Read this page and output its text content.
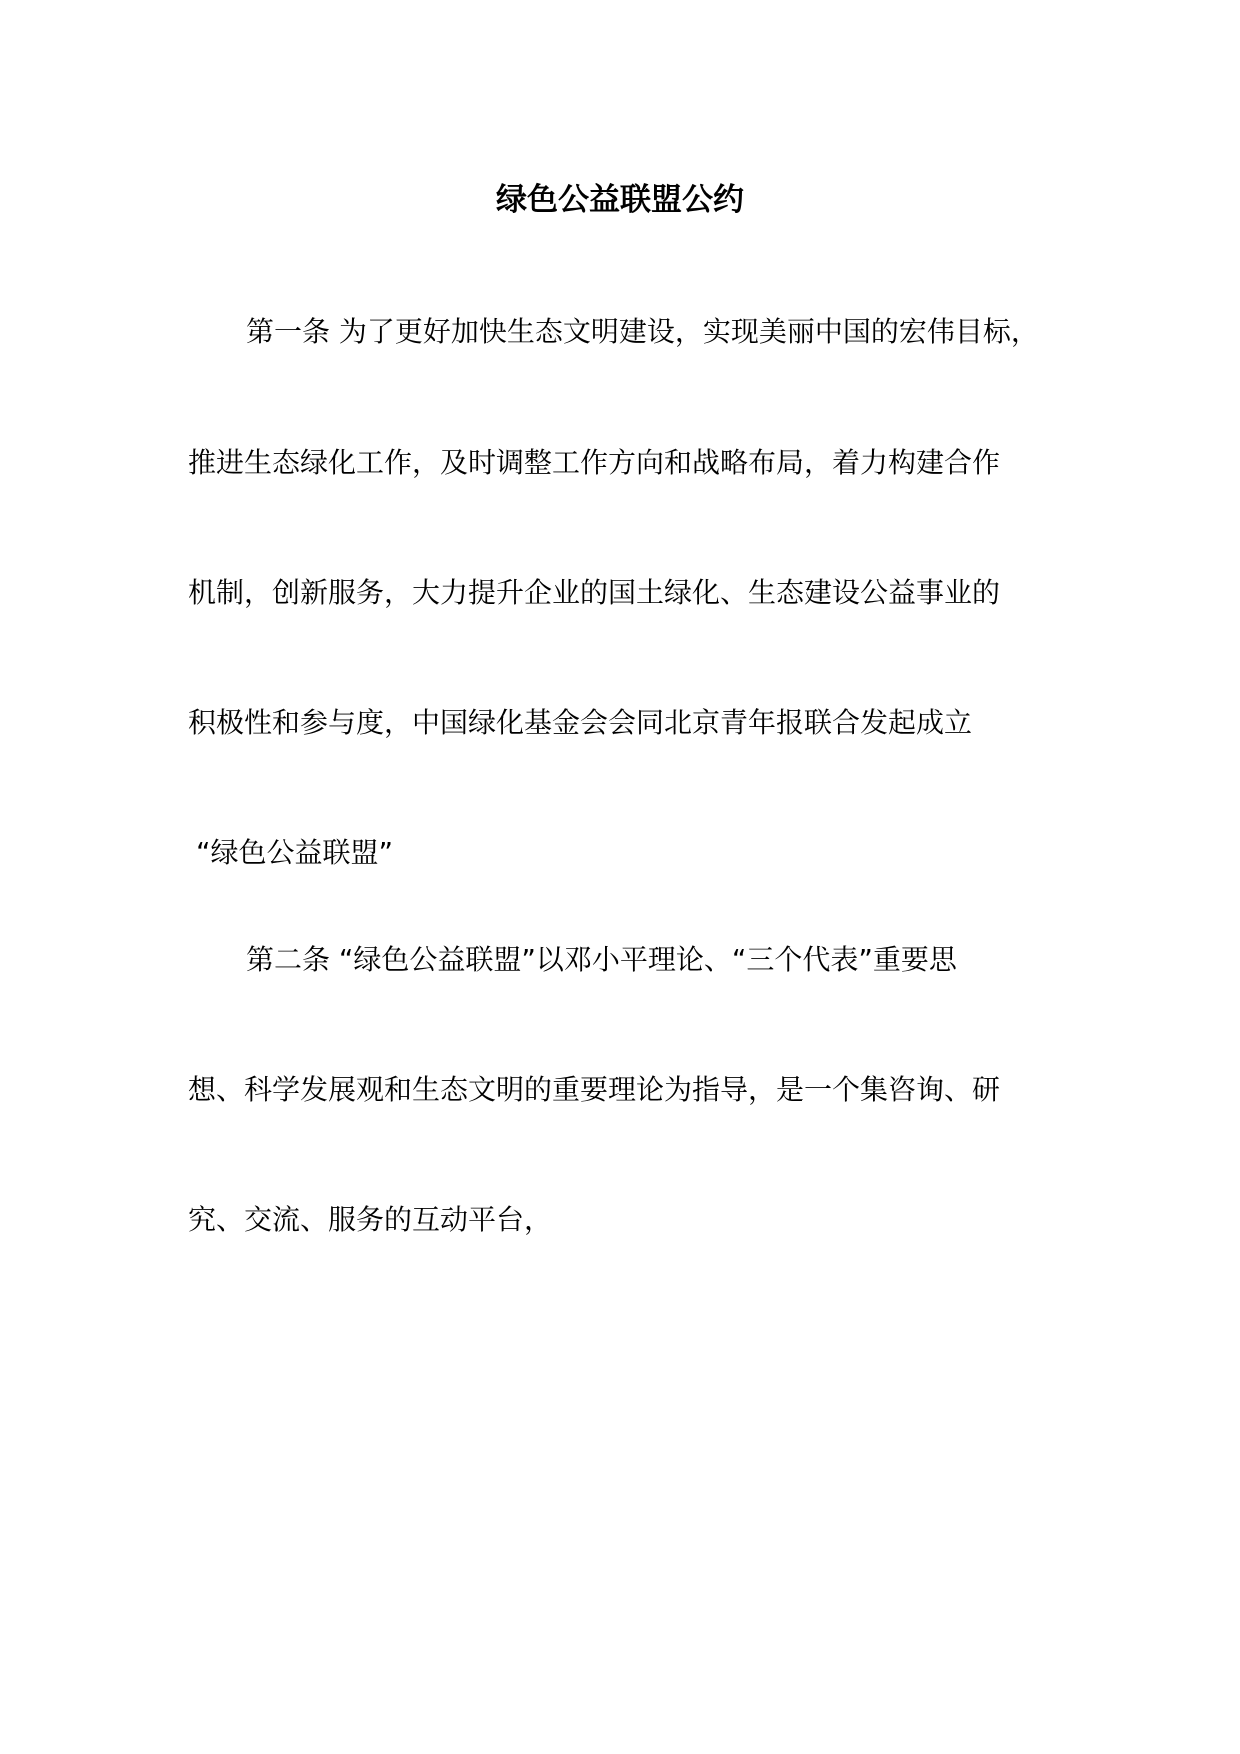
绿色公益联盟公约

第一条 为了更好加快生态文明建设，实现美丽中国的宏伟目标，

推进生态绿化工作，及时调整工作方向和战略布局，着力构建合作

机制，创新服务，大力提升企业的国土绿化、生态建设公益事业的

积极性和参与度，中国绿化基金会会同北京青年报联合发起成立

“绿色公益联盟”

第二条 “绿色公益联盟”以邓小平理论、“三个代表”重要思

想、科学发展观和生态文明的重要理论为指导，是一个集咨询、研

究、交流、服务的互动平台，
